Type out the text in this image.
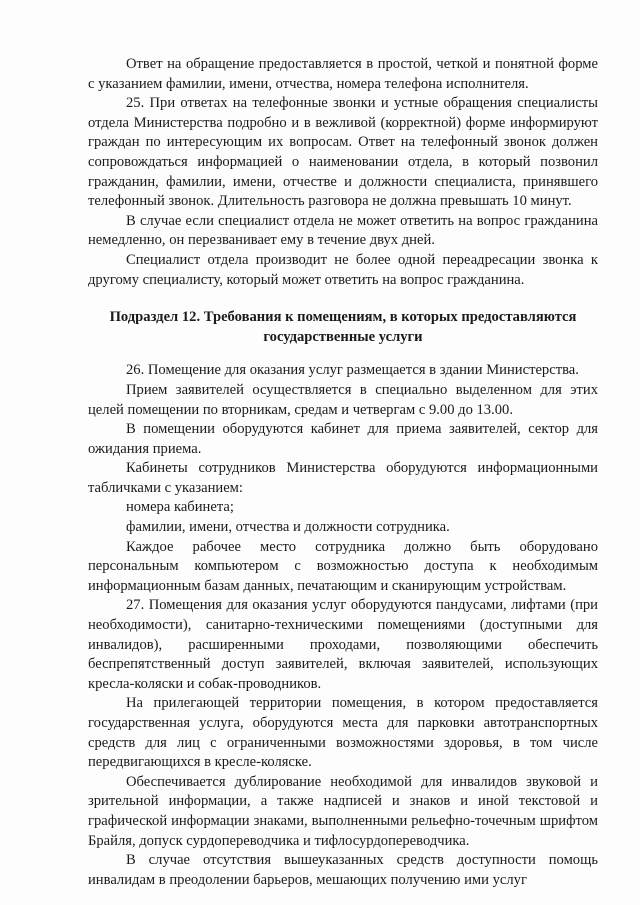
Ответ на обращение предоставляется в простой, четкой и понятной форме с указанием фамилии, имени, отчества, номера телефона исполнителя.

25. При ответах на телефонные звонки и устные обращения специалисты отдела Министерства подробно и в вежливой (корректной) форме информируют граждан по интересующим их вопросам. Ответ на телефонный звонок должен сопровождаться информацией о наименовании отдела, в который позвонил гражданин, фамилии, имени, отчестве и должности специалиста, принявшего телефонный звонок. Длительность разговора не должна превышать 10 минут.

В случае если специалист отдела не может ответить на вопрос гражданина немедленно, он перезванивает ему в течение двух дней.

Специалист отдела производит не более одной переадресации звонка к другому специалисту, который может ответить на вопрос гражданина.

Подраздел 12. Требования к помещениям, в которых предоставляются государственные услуги

26. Помещение для оказания услуг размещается в здании Министерства.

Прием заявителей осуществляется в специально выделенном для этих целей помещении по вторникам, средам и четвергам с 9.00 до 13.00.

В помещении оборудуются кабинет для приема заявителей, сектор для ожидания приема.

Кабинеты сотрудников Министерства оборудуются информационными табличками с указанием:

номера кабинета;

фамилии, имени, отчества и должности сотрудника.

Каждое рабочее место сотрудника должно быть оборудовано персональным компьютером с возможностью доступа к необходимым информационным базам данных, печатающим и сканирующим устройствам.

27. Помещения для оказания услуг оборудуются пандусами, лифтами (при необходимости), санитарно-техническими помещениями (доступными для инвалидов), расширенными проходами, позволяющими обеспечить беспрепятственный доступ заявителей, включая заявителей, использующих кресла-коляски и собак-проводников.

На прилегающей территории помещения, в котором предоставляется государственная услуга, оборудуются места для парковки автотранспортных средств для лиц с ограниченными возможностями здоровья, в том числе передвигающихся в кресле-коляске.

Обеспечивается дублирование необходимой для инвалидов звуковой и зрительной информации, а также надписей и знаков и иной текстовой и графической информации знаками, выполненными рельефно-точечным шрифтом Брайля, допуск сурдопереводчика и тифлосурдопереводчика.

В случае отсутствия вышеуказанных средств доступности помощь инвалидам в преодолении барьеров, мешающих получению ими услуг
